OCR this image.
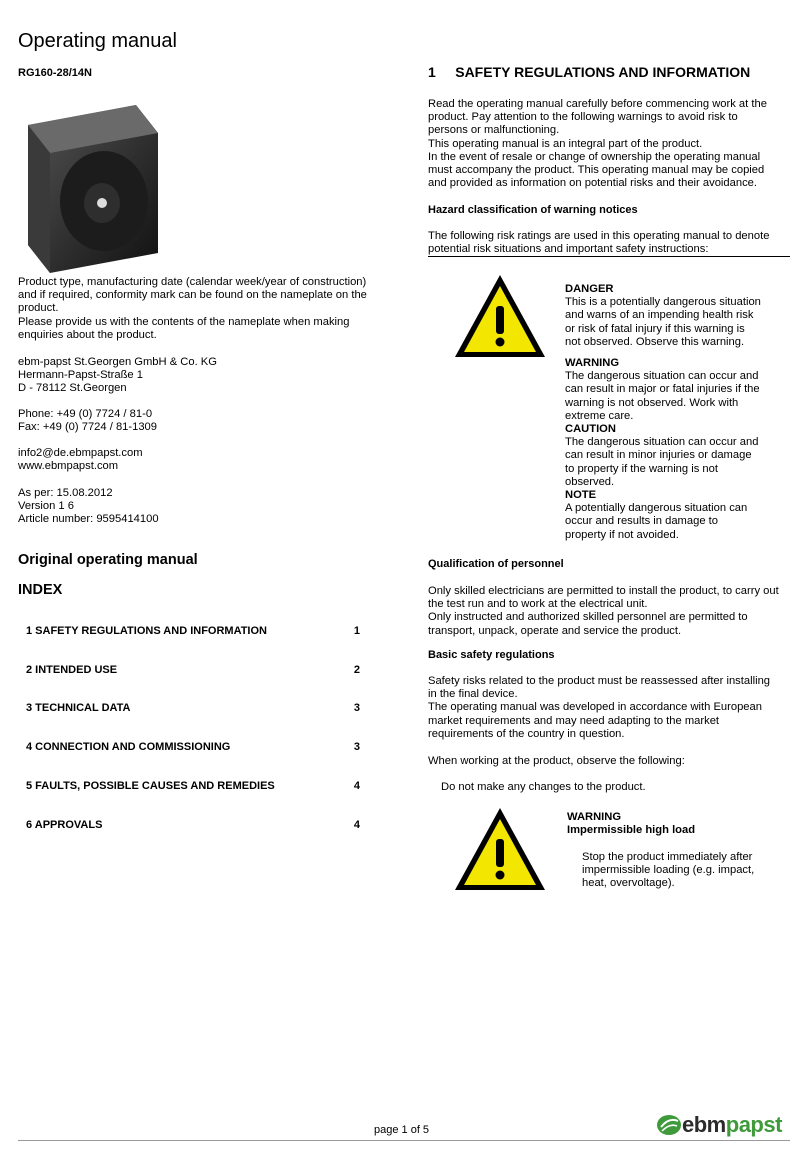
Operating manual
RG160-28/14N
Product type, manufacturing date (calendar week/year of construction)
and if required, conformity mark can be found on the nameplate on the
product.
Please provide us with the contents of the nameplate when making
enquiries about the product.
ebm-papst St.Georgen GmbH & Co. KG
Hermann-Papst-Straße 1
D - 78112 St.Georgen
Phone: +49 (0) 7724 / 81-0
Fax: +49 (0) 7724 / 81-1309
info2@de.ebmpapst.com
www.ebmpapst.com
As per: 15.08.2012
Version 1 6
Article number: 9595414100
Original operating manual
INDEX
1 SAFETY REGULATIONS AND INFORMATION	1
2 INTENDED USE	2
3 TECHNICAL DATA	3
4 CONNECTION AND COMMISSIONING	3
5 FAULTS, POSSIBLE CAUSES AND REMEDIES	4
6 APPROVALS	4
1     SAFETY REGULATIONS AND INFORMATION
Read the operating manual carefully before commencing work at the
product. Pay attention to the following warnings to avoid risk to
persons or malfunctioning.
This operating manual is an integral part of the product.
In the event of resale or change of ownership the operating manual
must accompany the product. This operating manual may be copied
and provided as information on potential risks and their avoidance.
Hazard classification of warning notices
The following risk ratings are used in this operating manual to denote
potential risk situations and important safety instructions:
DANGER
This is a potentially dangerous situation
and warns of an impending health risk
or risk of fatal injury if this warning is
not observed. Observe this warning.
WARNING
The dangerous situation can occur and
can result in major or fatal injuries if the
warning is not observed. Work with
extreme care.
CAUTION
The dangerous situation can occur and
can result in minor injuries or damage
to property if the warning is not
observed.
NOTE
A potentially dangerous situation can
occur and results in damage to
property if not avoided.
Qualification of personnel
Only skilled electricians are permitted to install the product, to carry out
the test run and to work at the electrical unit.
Only instructed and authorized skilled personnel are permitted to
transport, unpack, operate and service the product.
Basic safety regulations
Safety risks related to the product must be reassessed after installing
in the final device.
The operating manual was developed in accordance with European
market requirements and may need adapting to the market
requirements of the country in question.
When working at the product, observe the following:
Do not make any changes to the product.
WARNING
Impermissible high load
Stop the product immediately after
impermissible loading (e.g. impact,
heat, overvoltage).
page 1 of 5	ebmpapst
